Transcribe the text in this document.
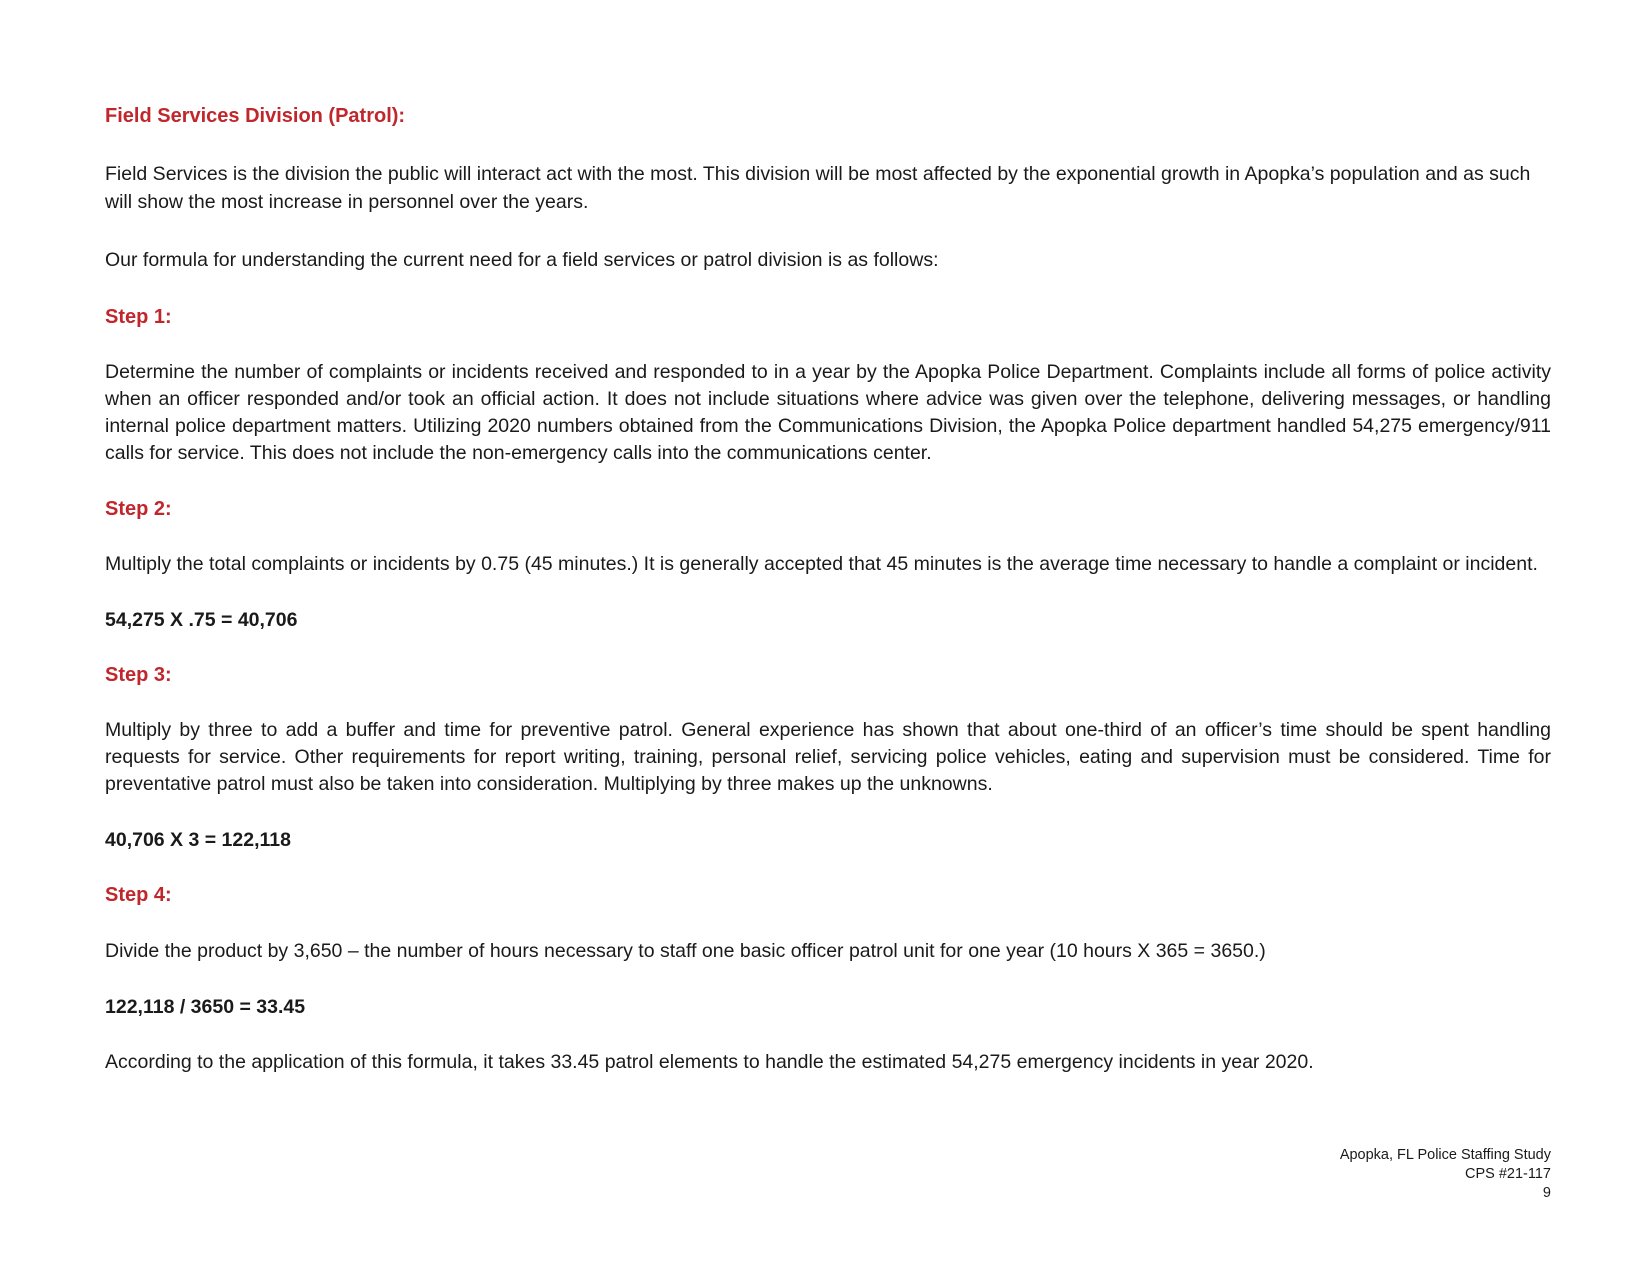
Field Services Division (Patrol):

Field Services is the division the public will interact act with the most. This division will be most affected by the exponential growth in Apopka’s population and as such will show the most increase in personnel over the years.

Our formula for understanding the current need for a field services or patrol division is as follows:

Step 1:

Determine the number of complaints or incidents received and responded to in a year by the Apopka Police Department. Complaints include all forms of police activity when an officer responded and/or took an official action. It does not include situations where advice was given over the telephone, delivering messages, or handling internal police department matters. Utilizing 2020 numbers obtained from the Communications Division, the Apopka Police department handled 54,275 emergency/911 calls for service. This does not include the non-emergency calls into the communications center.

Step 2:

Multiply the total complaints or incidents by 0.75 (45 minutes.) It is generally accepted that 45 minutes is the average time necessary to handle a complaint or incident.

54,275 X .75 = 40,706

Step 3:

Multiply by three to add a buffer and time for preventive patrol. General experience has shown that about one-third of an officer’s time should be spent handling requests for service. Other requirements for report writing, training, personal relief, servicing police vehicles, eating and supervision must be considered. Time for preventative patrol must also be taken into consideration. Multiplying by three makes up the unknowns.

40,706 X 3 = 122,118

Step 4:

Divide the product by 3,650 – the number of hours necessary to staff one basic officer patrol unit for one year (10 hours X 365 = 3650.)

122,118 / 3650 = 33.45

According to the application of this formula, it takes 33.45 patrol elements to handle the estimated 54,275 emergency incidents in year 2020.

Apopka, FL Police Staffing Study
CPS #21-117
9
